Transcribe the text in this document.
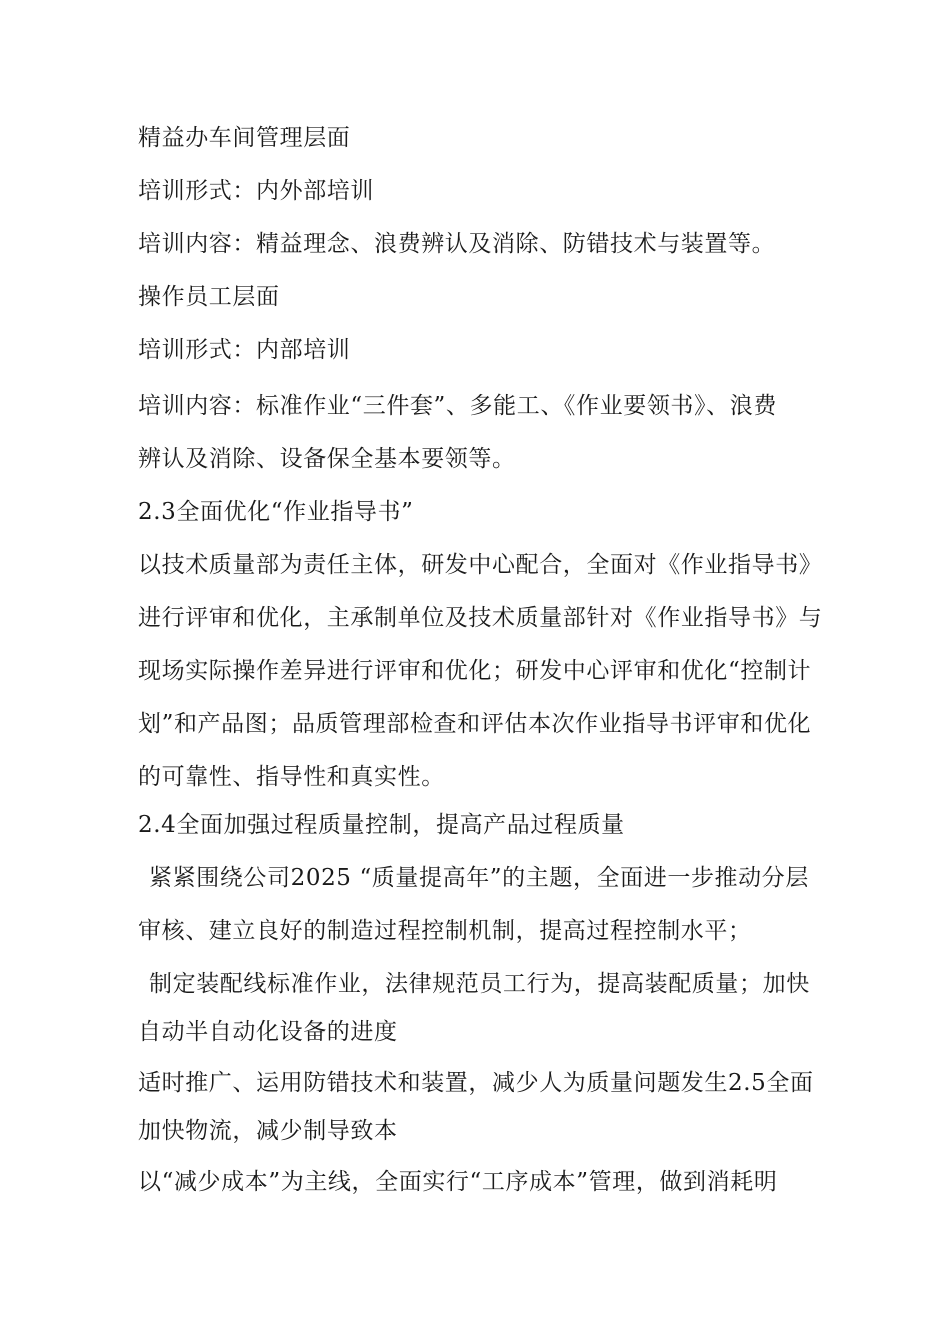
精益办车间管理层面
培训形式：内外部培训
培训内容：精益理念、浪费辨认及消除、防错技术与装置等。
操作员工层面
培训形式：内部培训
培训内容：标准作业“三件套”、多能工、《作业要领书》、浪费
辨认及消除、设备保全基本要领等。
2.3全面优化“作业指导书”
以技术质量部为责任主体，研发中心配合，全面对《作业指导书》
进行评审和优化，主承制单位及技术质量部针对《作业指导书》与
现场实际操作差异进行评审和优化；研发中心评审和优化“控制计
划”和产品图；品质管理部检查和评估本次作业指导书评审和优化
的可靠性、指导性和真实性。
2.4全面加强过程质量控制，提高产品过程质量
紧紧围绕公司2025 “质量提高年”的主题，全面进一步推动分层
审核、建立良好的制造过程控制机制，提高过程控制水平；
制定装配线标准作业，法律规范员工行为，提高装配质量；加快
自动半自动化设备的进度
适时推广、运用防错技术和装置，减少人为质量问题发生2.5全面
加快物流，减少制导致本
以“减少成本”为主线，全面实行“工序成本”管理，做到消耗明
